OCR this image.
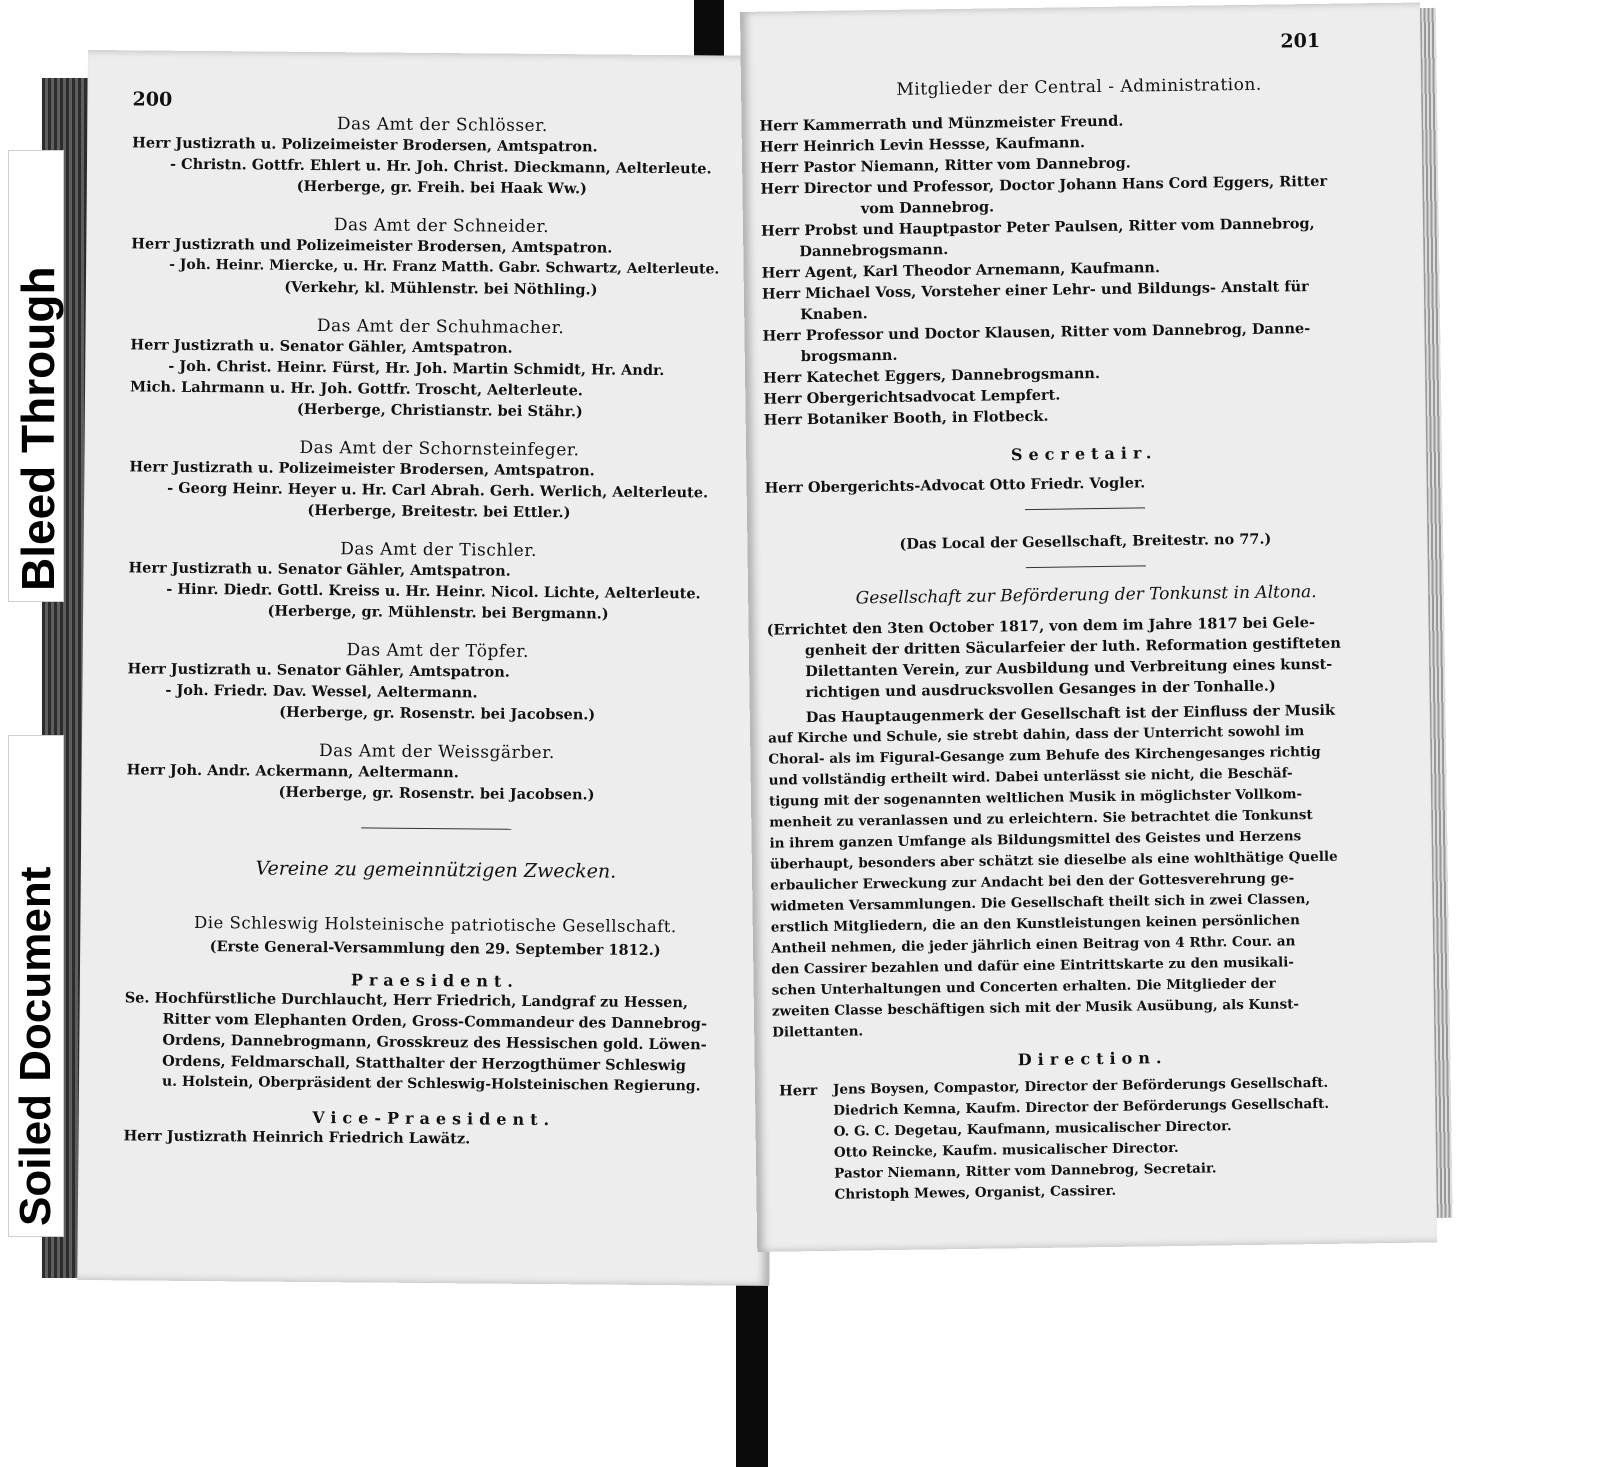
200

Das Amt der Schlösser.

Herr Justizrath u. Polizeimeister Brodersen, Amtspatron.

- Christn. Gottfr. Ehlert u. Hr. Joh. Christ. Dieckmann, Aelterleute.

(Herberge, gr. Freih. bei Haak Ww.)

Das Amt der Schneider.

Herr Justizrath und Polizeimeister Brodersen, Amtspatron.

- Joh. Heinr. Miercke, u. Hr. Franz Matth. Gabr. Schwartz, Aelterleute.

(Verkehr, kl. Mühlenstr. bei Nöthling.)

Das Amt der Schuhmacher.

Herr Justizrath u. Senator Gähler, Amtspatron.

- Joh. Christ. Heinr. Fürst, Hr. Joh. Martin Schmidt, Hr. Andr.

Mich. Lahrmann u. Hr. Joh. Gottfr. Troscht, Aelterleute.

(Herberge, Christianstr. bei Stähr.)

Das Amt der Schornsteinfeger.

Herr Justizrath u. Polizeimeister Brodersen, Amtspatron.

- Georg Heinr. Heyer u. Hr. Carl Abrah. Gerh. Werlich, Aelterleute.

(Herberge, Breitestr. bei Ettler.)

Das Amt der Tischler.

Herr Justizrath u. Senator Gähler, Amtspatron.

- Hinr. Diedr. Gottl. Kreiss u. Hr. Heinr. Nicol. Lichte, Aelterleute.

(Herberge, gr. Mühlenstr. bei Bergmann.)

Das Amt der Töpfer.

Herr Justizrath u. Senator Gähler, Amtspatron.

- Joh. Friedr. Dav. Wessel, Aeltermann.

(Herberge, gr. Rosenstr. bei Jacobsen.)

Das Amt der Weissgärber.

Herr Joh. Andr. Ackermann, Aeltermann.

(Herberge, gr. Rosenstr. bei Jacobsen.)

Vereine zu gemeinnützigen Zwecken.

Die Schleswig Holsteinische patriotische Gesellschaft.

(Erste General-Versammlung den 29. September 1812.)

Praesident.

Se. Hochfürstliche Durchlaucht, Herr Friedrich, Landgraf zu Hessen,

Ritter vom Elephanten Orden, Gross-Commandeur des Dannebrog-

Ordens, Dannebrogmann, Grosskreuz des Hessischen gold. Löwen-

Ordens, Feldmarschall, Statthalter der Herzogthümer Schleswig

u. Holstein, Oberpräsident der Schleswig-Holsteinischen Regierung.

Vice-Praesident.

Herr Justizrath Heinrich Friedrich Lawätz.

201

Mitglieder der Central - Administration.

Herr Kammerrath und Münzmeister Freund.

Herr Heinrich Levin Hessse, Kaufmann.

Herr Pastor Niemann, Ritter vom Dannebrog.

Herr Director und Professor, Doctor Johann Hans Cord Eggers, Ritter

vom Dannebrog.

Herr Probst und Hauptpastor Peter Paulsen, Ritter vom Dannebrog,

Dannebrogsmann.

Herr Agent, Karl Theodor Arnemann, Kaufmann.

Herr Michael Voss, Vorsteher einer Lehr- und Bildungs- Anstalt für

Knaben.

Herr Professor und Doctor Klausen, Ritter vom Dannebrog, Danne-

brogsmann.

Herr Katechet Eggers, Dannebrogsmann.

Herr Obergerichtsadvocat Lempfert.

Herr Botaniker Booth, in Flotbeck.

Secretair.

Herr Obergerichts-Advocat Otto Friedr. Vogler.

(Das Local der Gesellschaft, Breitestr. no 77.)

Gesellschaft zur Beförderung der Tonkunst in Altona.

(Errichtet den 3ten October 1817, von dem im Jahre 1817 bei Gele-

genheit der dritten Säcularfeier der luth. Reformation gestifteten

Dilettanten Verein, zur Ausbildung und Verbreitung eines kunst-

richtigen und ausdrucksvollen Gesanges in der Tonhalle.)

Das Hauptaugenmerk der Gesellschaft ist der Einfluss der Musik

auf Kirche und Schule, sie strebt dahin, dass der Unterricht sowohl im

Choral- als im Figural-Gesange zum Behufe des Kirchengesanges richtig

und vollständig ertheilt wird. Dabei unterlässt sie nicht, die Beschäf-

tigung mit der sogenannten weltlichen Musik in möglichster Vollkom-

menheit zu veranlassen und zu erleichtern. Sie betrachtet die Tonkunst

in ihrem ganzen Umfange als Bildungsmittel des Geistes und Herzens

überhaupt, besonders aber schätzt sie dieselbe als eine wohlthätige Quelle

erbaulicher Erweckung zur Andacht bei den der Gottesverehrung ge-

widmeten Versammlungen. Die Gesellschaft theilt sich in zwei Classen,

erstlich Mitgliedern, die an den Kunstleistungen keinen persönlichen

Antheil nehmen, die jeder jährlich einen Beitrag von 4 Rthr. Cour. an

den Cassirer bezahlen und dafür eine Eintrittskarte zu den musikali-

schen Unterhaltungen und Concerten erhalten. Die Mitglieder der

zweiten Classe beschäftigen sich mit der Musik Ausübung, als Kunst-

Dilettanten.

Direction.

Herr Jens Boysen, Compastor, Director der Beförderungs Gesellschaft.

Diedrich Kemna, Kaufm. Director der Beförderungs Gesellschaft.

O. G. C. Degetau, Kaufmann, musicalischer Director.

Otto Reincke, Kaufm. musicalischer Director.

Pastor Niemann, Ritter vom Dannebrog, Secretair.

Christoph Mewes, Organist, Cassirer.

Bleed Through
Soiled Document
